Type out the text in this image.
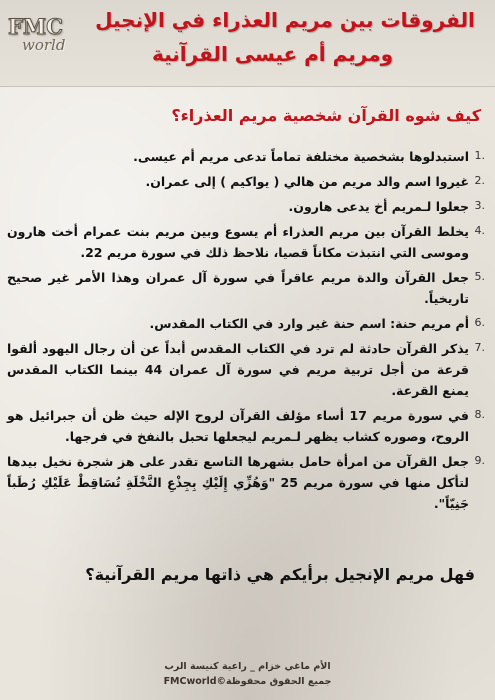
FMC
world
الفروقات بين مريم العذراء في الإنجيل
ومريم أم عيسى القرآنية
كيف شوه القرآن شخصية مريم العذراء؟
.1
استبدلوها بشخصية مختلفة تماماً تدعى مريم أم عيسى.
.2
غيروا اسم والد مريم من هالي ( يواكيم ) إلى عمران.
.3
جعلوا لـمريم أخ يدعى هارون.
.4
يخلط القرآن بين مريم العذراء أم يسوع وبين مريم بنت عمرام أخت هارون وموسى التي انتبذت مكاناً قصيا، نلاحظ ذلك في سورة مريم 22.
.5
جعل القرآن والدة مريم عاقراً في سورة آل عمران وهذا الأمر غير صحيح تاريخياً.
.6
أم مريم حنة: اسم حنة غير وارد في الكتاب المقدس.
.7
يذكر القرآن حادثة لم ترد في الكتاب المقدس أبداً عن أن رجال اليهود ألقوا قرعة من أجل تربية مريم في سورة آل عمران 44 بينما الكتاب المقدس يمنع القرعة.
.8
في سورة مريم 17 أساء مؤلف القرآن لروح الإله حيث ظن أن جبرائيل هو الروح، وصوره كشاب يظهر لـمريم ليجعلها تحبل بالنفخ في فرجها.
.9
جعل القرآن من امرأة حامل بشهرها التاسع تقدر على هز شجرة نخيل بيدها لتأكل منها في سورة مريم 25 "وَهُزِّي إِلَيْكِ بِجِذْعِ النَّخْلَةِ تُسَاقِطْ عَلَيْكِ رُطَباً جَنِيّاً".
فهل مريم الإنجيل برأيكم هي ذاتها مريم القرآنية؟
الأم ماغي خزام _ راعية كنيسة الرب
جميع الحقوق محفوظة©FMCworld
